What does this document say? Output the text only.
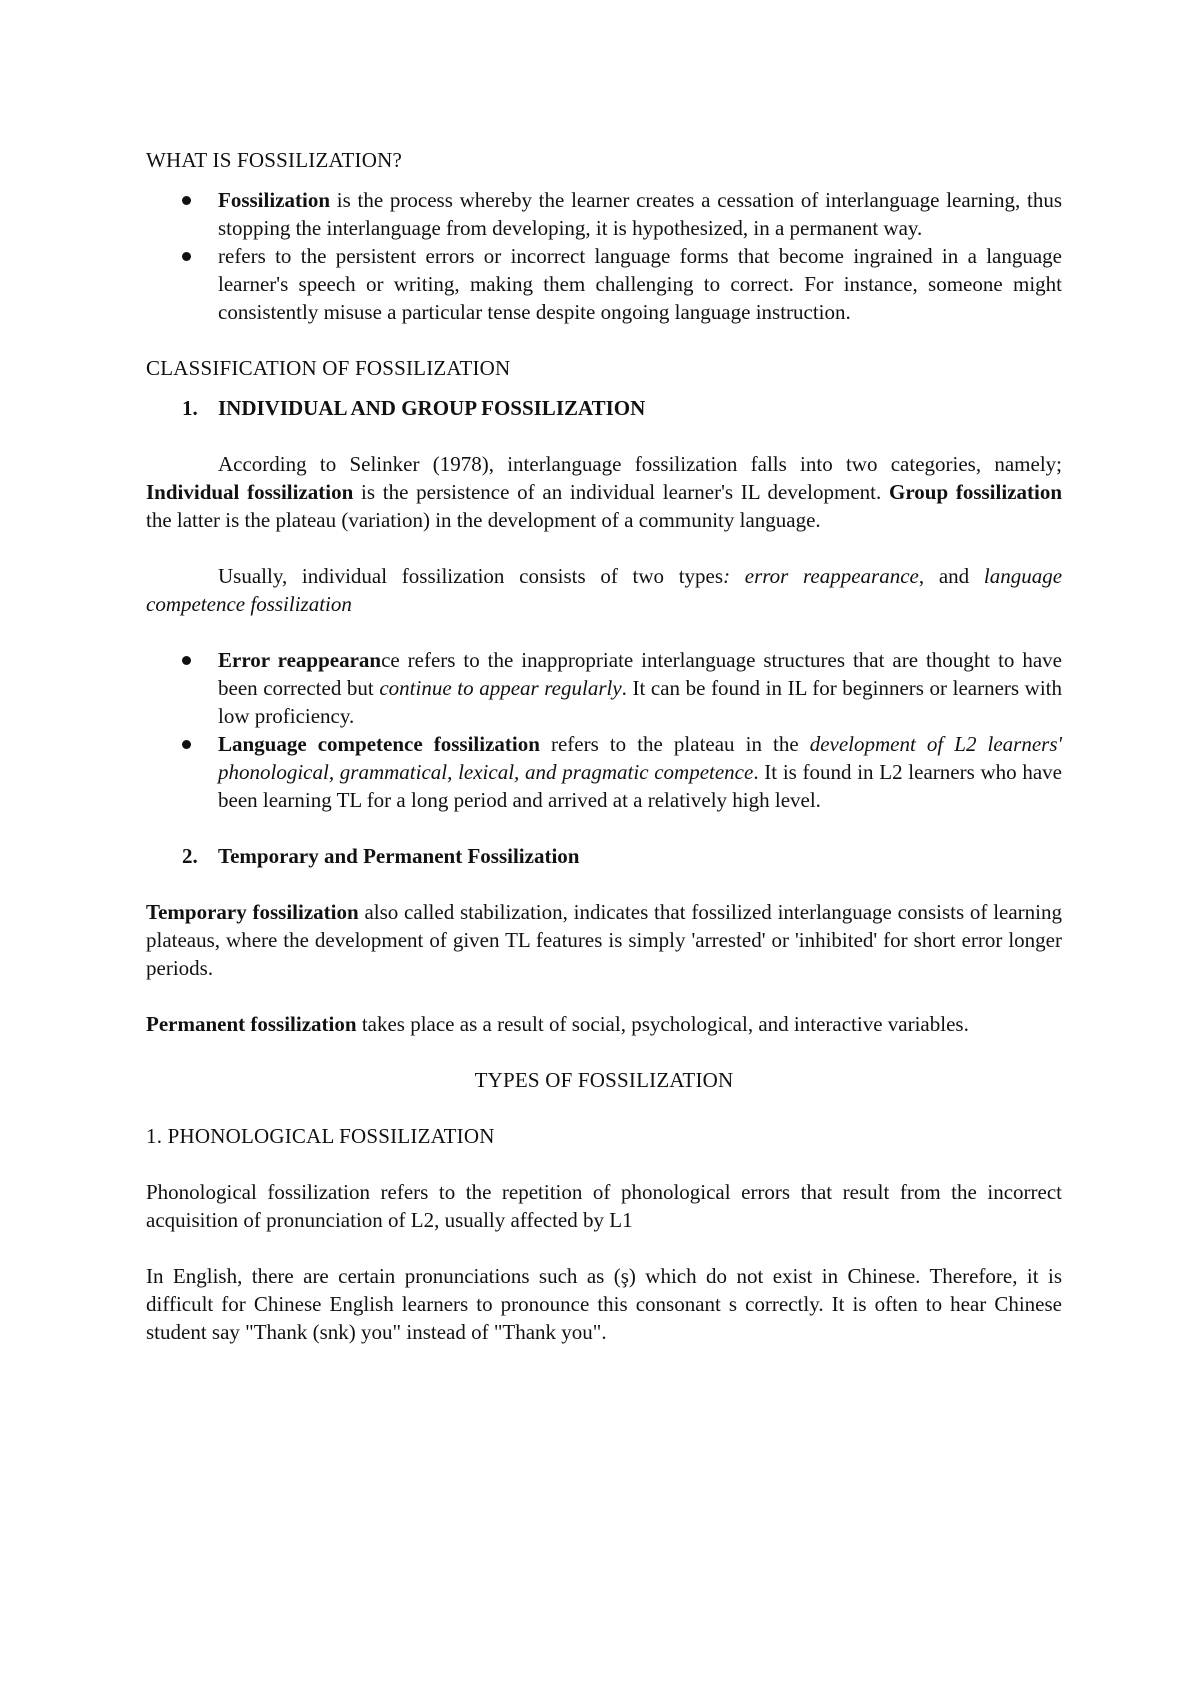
WHAT IS FOSSILIZATION?
Fossilization is the process whereby the learner creates a cessation of interlanguage learning, thus stopping the interlanguage from developing, it is hypothesized, in a permanent way.
refers to the persistent errors or incorrect language forms that become ingrained in a language learner's speech or writing, making them challenging to correct. For instance, someone might consistently misuse a particular tense despite ongoing language instruction.
CLASSIFICATION OF FOSSILIZATION
1. INDIVIDUAL AND GROUP FOSSILIZATION

According to Selinker (1978), interlanguage fossilization falls into two categories, namely; Individual fossilization is the persistence of an individual learner's IL development. Group fossilization the latter is the plateau (variation) in the development of a community language.

Usually, individual fossilization consists of two types: error reappearance, and language competence fossilization

Error reappearance refers to the inappropriate interlanguage structures that are thought to have been corrected but continue to appear regularly. It can be found in IL for beginners or learners with low proficiency.
Language competence fossilization refers to the plateau in the development of L2 learners' phonological, grammatical, lexical, and pragmatic competence. It is found in L2 learners who have been learning TL for a long period and arrived at a relatively high level.
2. Temporary and Permanent Fossilization

Temporary fossilization also called stabilization, indicates that fossilized interlanguage consists of learning plateaus, where the development of given TL features is simply 'arrested' or 'inhibited' for short error longer periods.

Permanent fossilization takes place as a result of social, psychological, and interactive variables.

TYPES OF FOSSILIZATION
1. PHONOLOGICAL FOSSILIZATION

Phonological fossilization refers to the repetition of phonological errors that result from the incorrect acquisition of pronunciation of L2, usually affected by L1

In English, there are certain pronunciations such as (ş) which do not exist in Chinese. Therefore, it is difficult for Chinese English learners to pronounce this consonant s correctly. It is often to hear Chinese student say "Thank (snk) you" instead of "Thank you".
